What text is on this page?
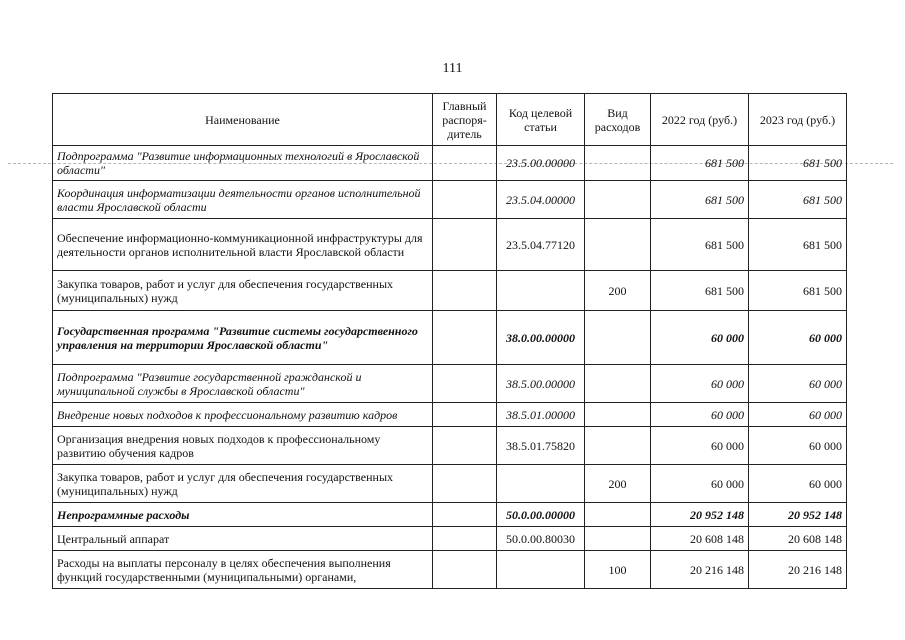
111
Наименование	Главный распоря-дитель	Код целевой статьи	Вид расходов	2022 год (руб.)	2023 год (руб.)
Подпрограмма "Развитие информационных технологий в Ярославской области"		23.5.00.00000		681 500	681 500
Координация информатизации деятельности органов исполнительной власти Ярославской области		23.5.04.00000		681 500	681 500
Обеспечение информационно-коммуникационной инфраструктуры для деятельности органов исполнительной власти Ярославской области		23.5.04.77120		681 500	681 500
Закупка товаров, работ и услуг для обеспечения государственных (муниципальных) нужд			200	681 500	681 500
Государственная программа "Развитие системы государственного управления на территории Ярославской области"		38.0.00.00000		60 000	60 000
Подпрограмма "Развитие государственной гражданской и муниципальной службы в Ярославской области"		38.5.00.00000		60 000	60 000
Внедрение новых подходов к профессиональному развитию кадров		38.5.01.00000		60 000	60 000
Организация внедрения новых подходов к профессиональному развитию обучения кадров		38.5.01.75820		60 000	60 000
Закупка товаров, работ и услуг для обеспечения государственных (муниципальных) нужд			200	60 000	60 000
Непрограммные расходы		50.0.00.00000		20 952 148	20 952 148
Центральный аппарат		50.0.00.80030		20 608 148	20 608 148
Расходы на выплаты персоналу в целях обеспечения выполнения функций государственными (муниципальными) органами,			100	20 216 148	20 216 148
